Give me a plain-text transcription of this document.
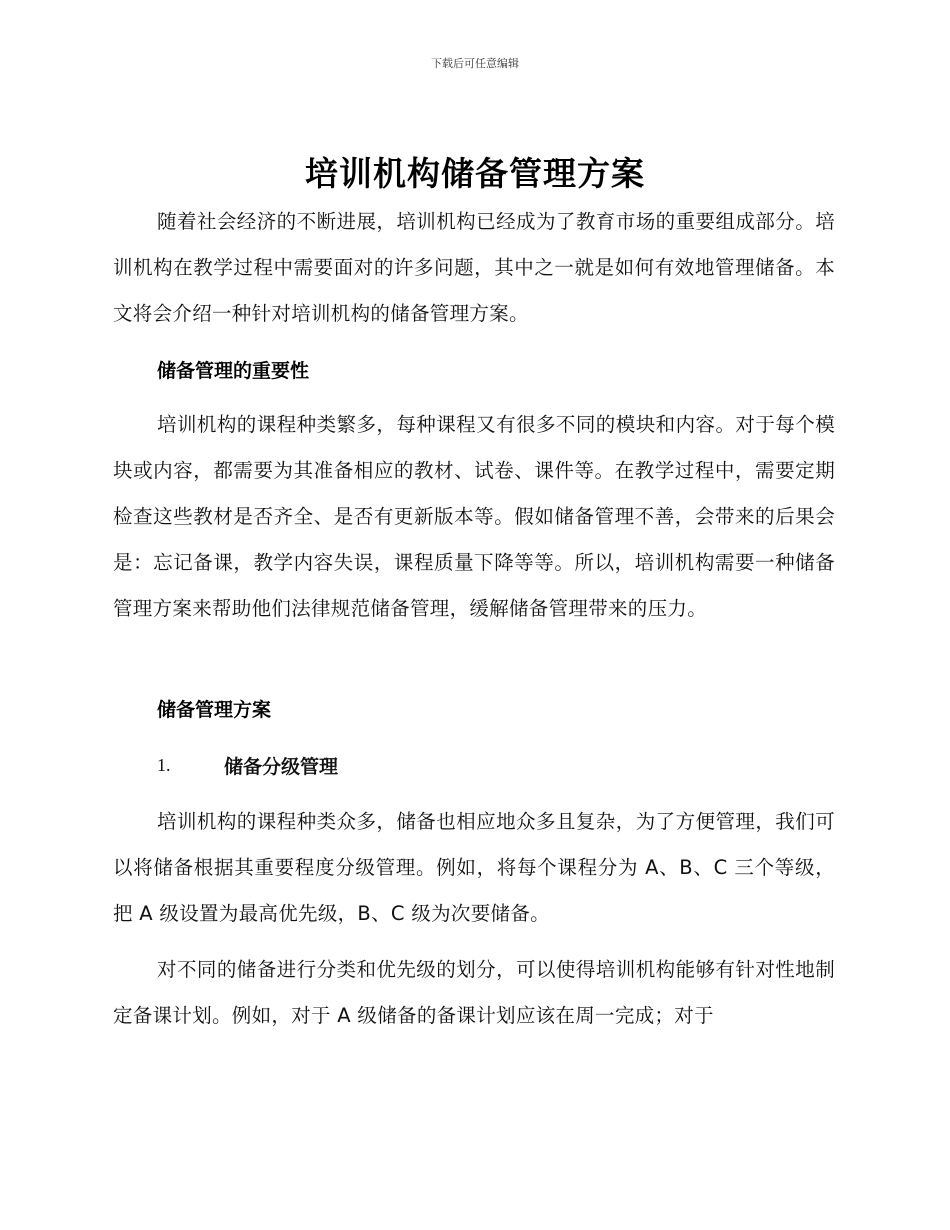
下载后可任意编辑
培训机构储备管理方案
随着社会经济的不断进展，培训机构已经成为了教育市场的重要组成部分。培训机构在教学过程中需要面对的许多问题，其中之一就是如何有效地管理储备。本文将会介绍一种针对培训机构的储备管理方案。
储备管理的重要性
培训机构的课程种类繁多，每种课程又有很多不同的模块和内容。对于每个模块或内容，都需要为其准备相应的教材、试卷、课件等。在教学过程中，需要定期检查这些教材是否齐全、是否有更新版本等。假如储备管理不善，会带来的后果会是：忘记备课，教学内容失误，课程质量下降等等。所以，培训机构需要一种储备管理方案来帮助他们法律规范储备管理，缓解储备管理带来的压力。
储备管理方案
1.	储备分级管理
培训机构的课程种类众多，储备也相应地众多且复杂，为了方便管理，我们可以将储备根据其重要程度分级管理。例如，将每个课程分为 A、B、C 三个等级，把 A 级设置为最高优先级，B、C 级为次要储备。
对不同的储备进行分类和优先级的划分，可以使得培训机构能够有针对性地制定备课计划。例如，对于 A 级储备的备课计划应该在周一完成；对于
